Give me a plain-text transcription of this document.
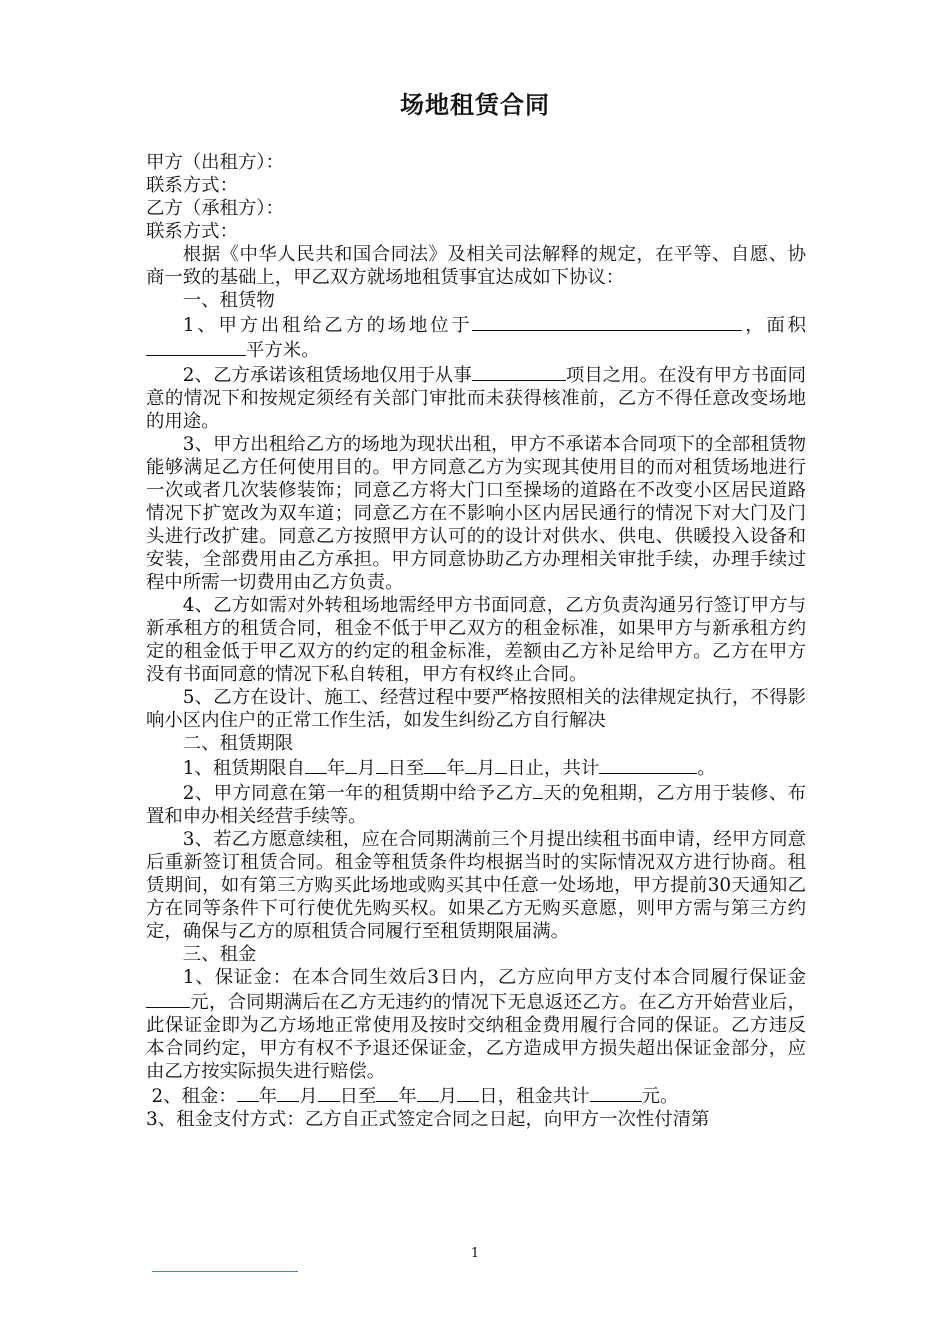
场地租赁合同

甲方（出租方）：

联系方式：

乙方（承租方）：

联系方式：

根据《中华人民共和国合同法》及相关司法解释的规定，在平等、自愿、协商一致的基础上，甲乙双方就场地租赁事宜达成如下协议：

一、租赁物

1、甲方出租给乙方的场地位于	，面积平方米。

2、乙方承诺该租赁场地仅用于从事	项目之用。在没有甲方书面同意的情况下和按规定须经有关部门审批而未获得核准前，乙方不得任意改变场地的用途。

3、甲方出租给乙方的场地为现状出租，甲方不承诺本合同项下的全部租赁物能够满足乙方任何使用目的。甲方同意乙方为实现其使用目的而对租赁场地进行一次或者几次装修装饰；同意乙方将大门口至操场的道路在不改变小区居民道路情况下扩宽改为双车道；同意乙方在不影响小区内居民通行的情况下对大门及门头进行改扩建。同意乙方按照甲方认可的的设计对供水、供电、供暖投入设备和安装，全部费用由乙方承担。甲方同意协助乙方办理相关审批手续，办理手续过程中所需一切费用由乙方负责。

4、乙方如需对外转租场地需经甲方书面同意，乙方负责沟通另行签订甲方与新承租方的租赁合同，租金不低于甲乙双方的租金标准，如果甲方与新承租方约定的租金低于甲乙双方的约定的租金标准，差额由乙方补足给甲方。乙方在甲方没有书面同意的情况下私自转租，甲方有权终止合同。

5、乙方在设计、施工、经营过程中要严格按照相关的法律规定执行，不得影响小区内住户的正常工作生活，如发生纠纷乙方自行解决

二、租赁期限

1、租赁期限自 年 月 日至 年 月 日止，共计	。

2、甲方同意在第一年的租赁期中给予乙方 天的免租期，乙方用于装修、布置和申办相关经营手续等。

3、若乙方愿意续租，应在合同期满前三个月提出续租书面申请，经甲方同意后重新签订租赁合同。租金等租赁条件均根据当时的实际情况双方进行协商。租赁期间，如有第三方购买此场地或购买其中任意一处场地，甲方提前30天通知乙方在同等条件下可行使优先购买权。如果乙方无购买意愿，则甲方需与第三方约定，确保与乙方的原租赁合同履行至租赁期限届满。

三、租金

1、保证金：在本合同生效后3日内，乙方应向甲方支付本合同履行保证金元，合同期满后在乙方无违约的情况下无息返还乙方。在乙方开始营业后，此保证金即为乙方场地正常使用及按时交纳租金费用履行合同的保证。乙方违反本合同约定，甲方有权不予退还保证金，乙方造成甲方损失超出保证金部分，应由乙方按实际损失进行赔偿。

2、租金： 年 月 日至 年 月 日，租金共计	元。

3、租金支付方式：乙方自正式签定合同之日起，向甲方一次性付清第

1
